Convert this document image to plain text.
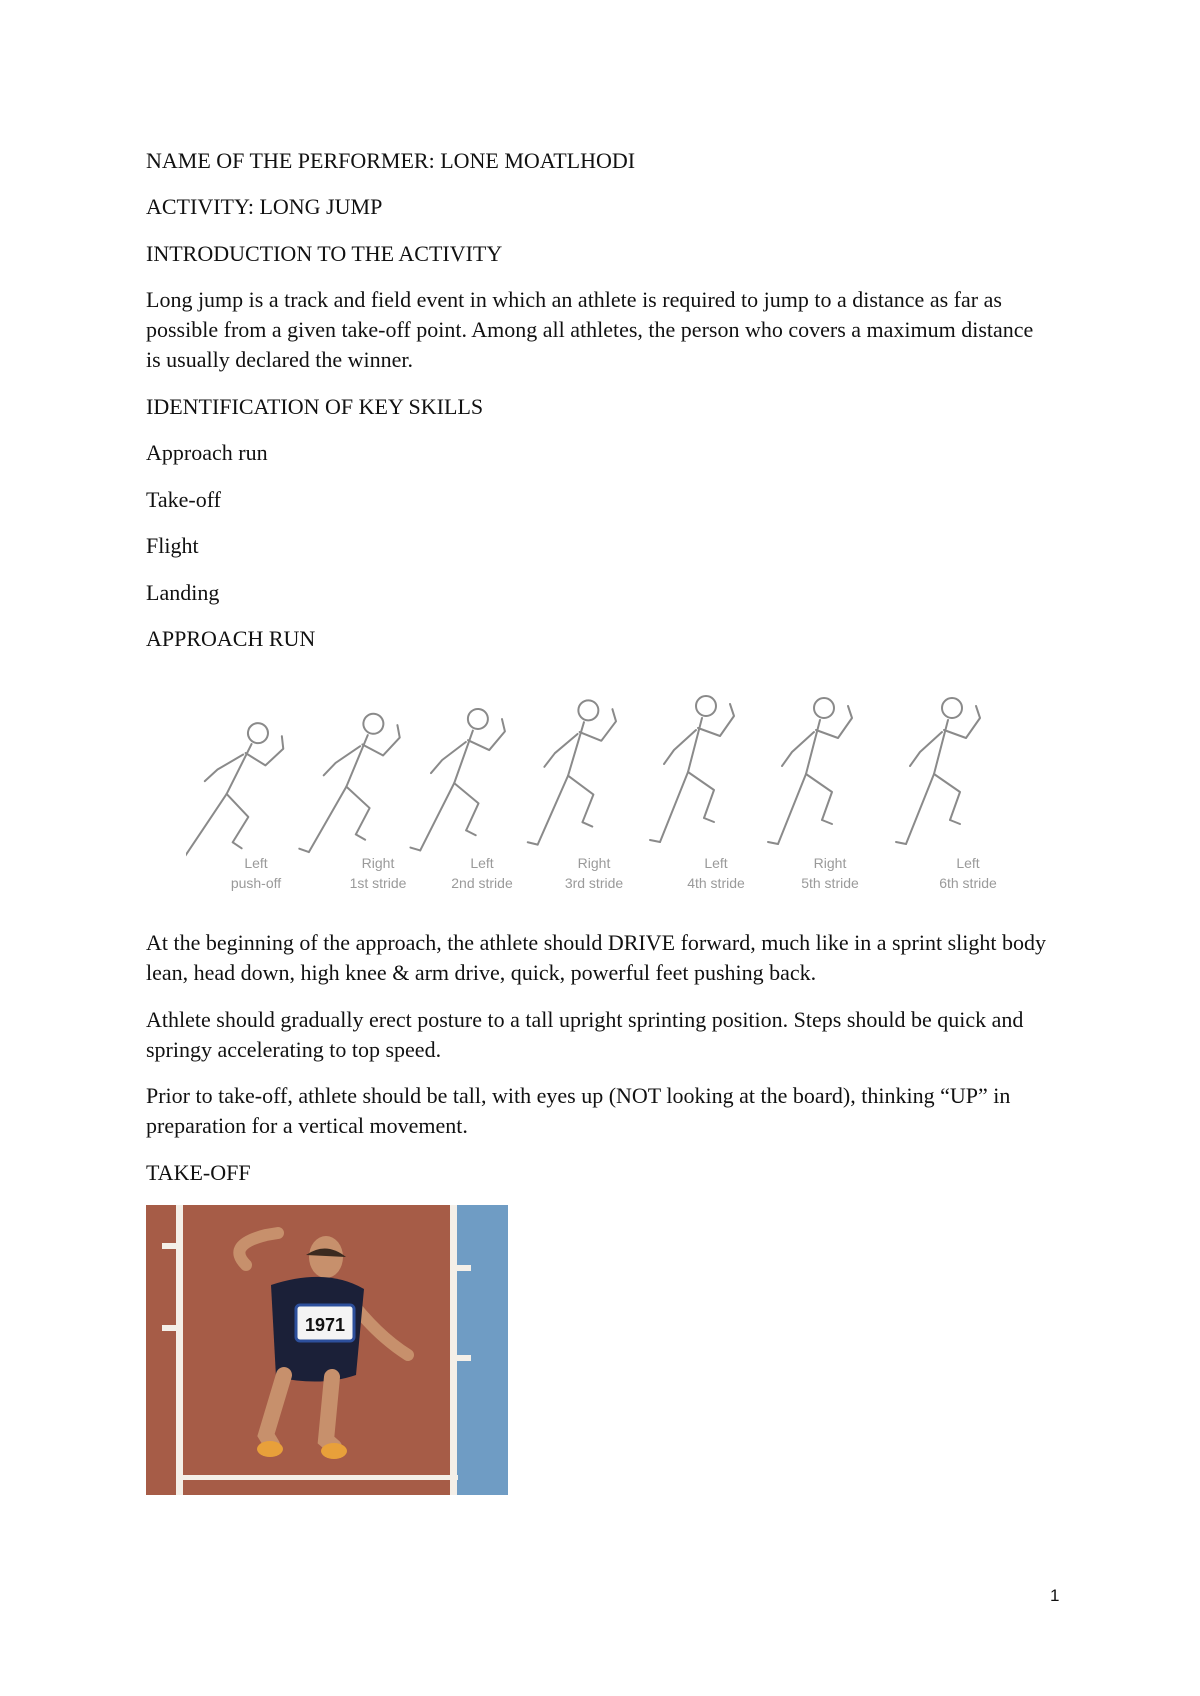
NAME OF THE PERFORMER: LONE MOATLHODI

ACTIVITY: LONG JUMP

INTRODUCTION TO THE ACTIVITY

Long jump is a track and field event in which an athlete is required to jump to a distance as far as possible from a given take-off point. Among all athletes, the person who covers a maximum distance is usually declared the winner.

IDENTIFICATION OF KEY SKILLS

Approach run

Take-off

Flight

Landing

APPROACH RUN

Left
push-off
Right
1st stride
Left
2nd stride
Right
3rd stride
Left
4th stride
Right
5th stride
Left
6th stride

At the beginning of the approach, the athlete should DRIVE forward, much like in a sprint slight body lean, head down, high knee & arm drive, quick, powerful feet pushing back.

Athlete should gradually erect posture to a tall upright sprinting position. Steps should be quick and springy accelerating to top speed.

Prior to take-off, athlete should be tall, with eyes up (NOT looking at the board), thinking “UP” in preparation for a vertical movement.

TAKE-OFF

1971
1
